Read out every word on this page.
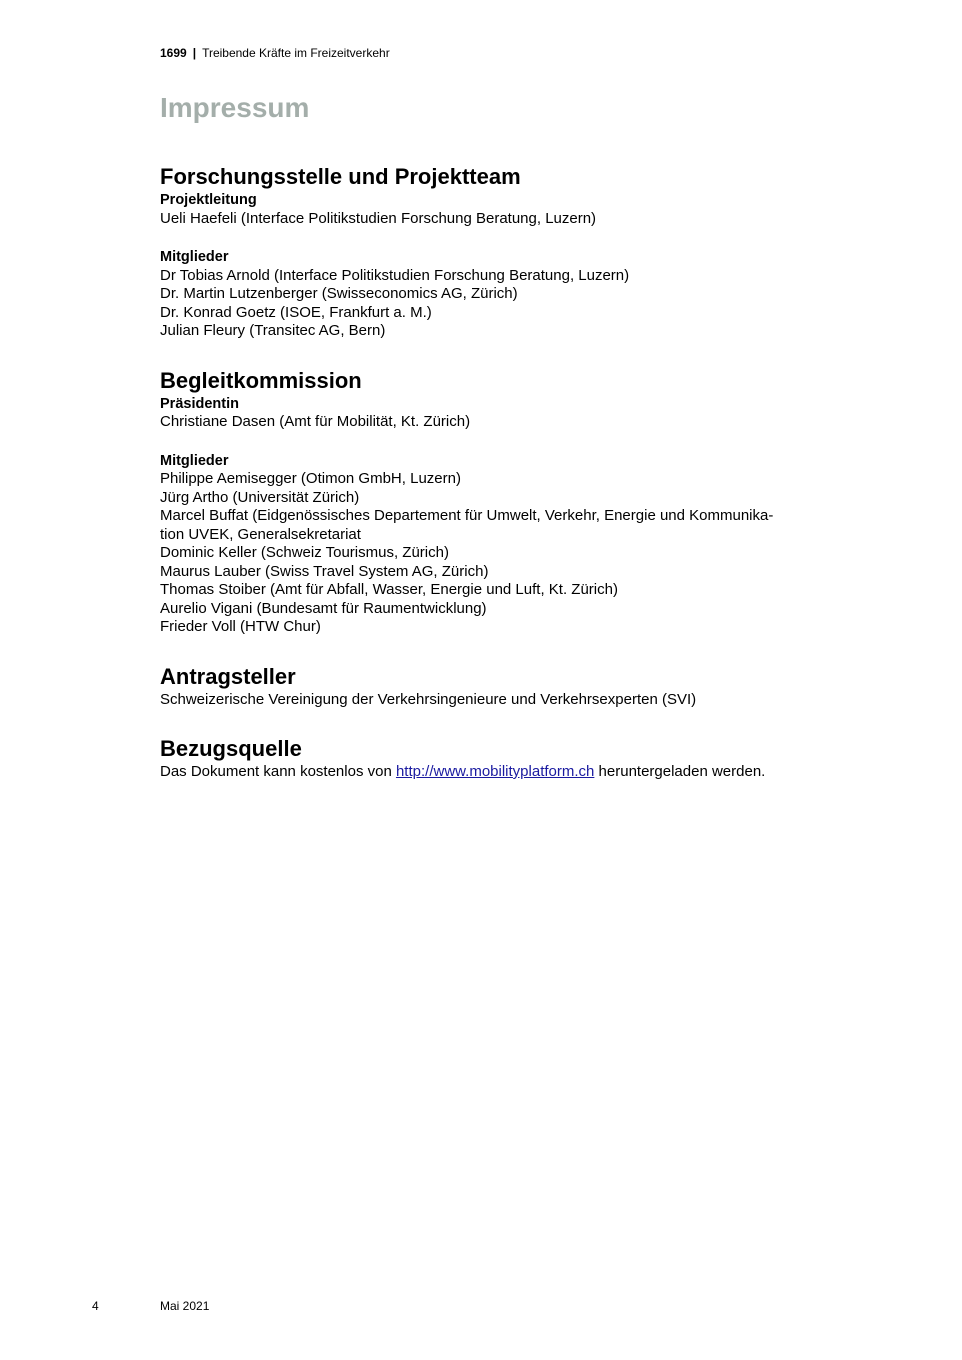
1699 | Treibende Kräfte im Freizeitverkehr
Impressum
Forschungsstelle und Projektteam
Projektleitung
Ueli Haefeli (Interface Politikstudien Forschung Beratung, Luzern)
Mitglieder
Dr Tobias Arnold (Interface Politikstudien Forschung Beratung, Luzern)
Dr. Martin Lutzenberger (Swisseconomics AG, Zürich)
Dr. Konrad Goetz (ISOE, Frankfurt a. M.)
Julian Fleury (Transitec AG, Bern)
Begleitkommission
Präsidentin
Christiane Dasen (Amt für Mobilität, Kt. Zürich)
Mitglieder
Philippe Aemisegger (Otimon GmbH, Luzern)
Jürg Artho (Universität Zürich)
Marcel Buffat (Eidgenössisches Departement für Umwelt, Verkehr, Energie und Kommunika-
tion UVEK, Generalsekretariat
Dominic Keller (Schweiz Tourismus, Zürich)
Maurus Lauber (Swiss Travel System AG, Zürich)
Thomas Stoiber (Amt für Abfall, Wasser, Energie und Luft, Kt. Zürich)
Aurelio Vigani (Bundesamt für Raumentwicklung)
Frieder Voll (HTW Chur)
Antragsteller
Schweizerische Vereinigung der Verkehrsingenieure und Verkehrsexperten (SVI)
Bezugsquelle
Das Dokument kann kostenlos von http://www.mobilityplatform.ch heruntergeladen werden.
4	Mai 2021
